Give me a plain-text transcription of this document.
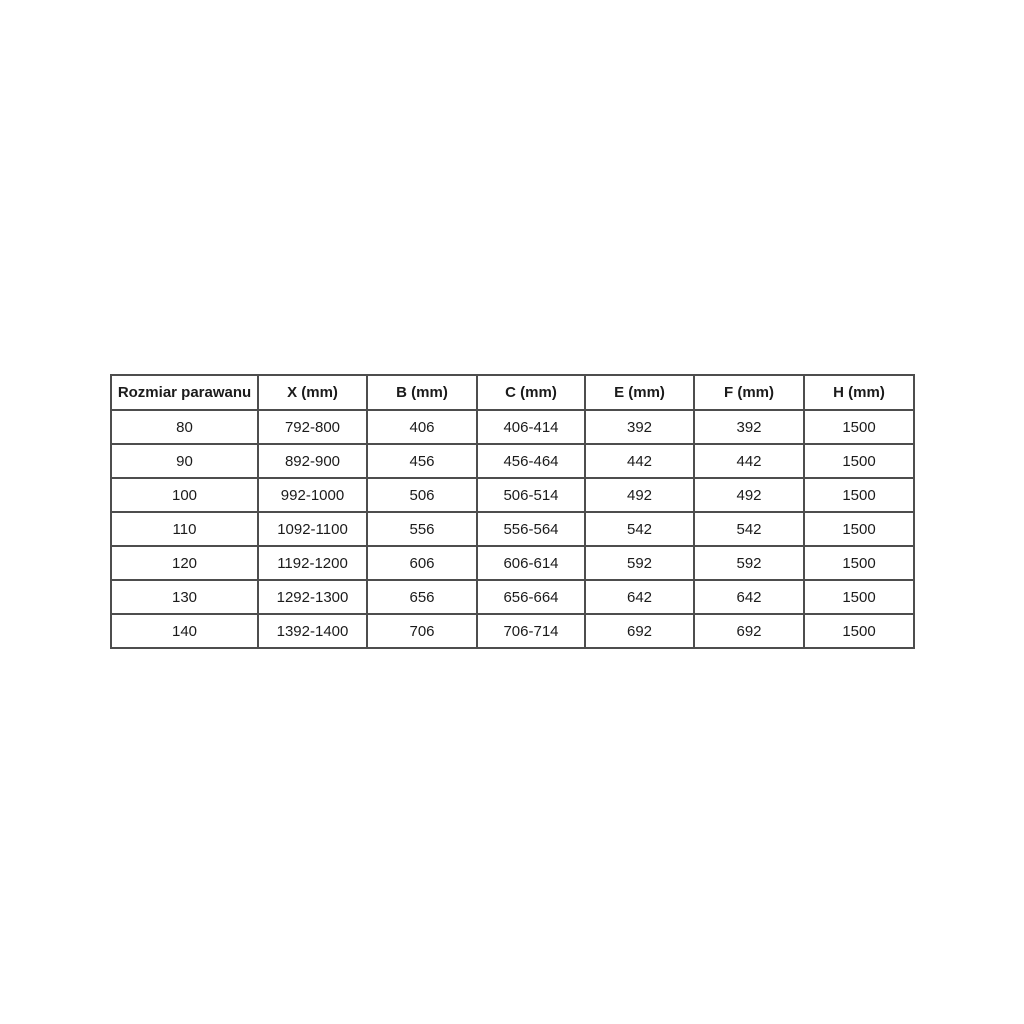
Rozmiar parawanu	X (mm)	B (mm)	C (mm)	E (mm)	F (mm)	H (mm)
80	792-800	406	406-414	392	392	1500
90	892-900	456	456-464	442	442	1500
100	992-1000	506	506-514	492	492	1500
110	1092-1100	556	556-564	542	542	1500
120	1192-1200	606	606-614	592	592	1500
130	1292-1300	656	656-664	642	642	1500
140	1392-1400	706	706-714	692	692	1500
